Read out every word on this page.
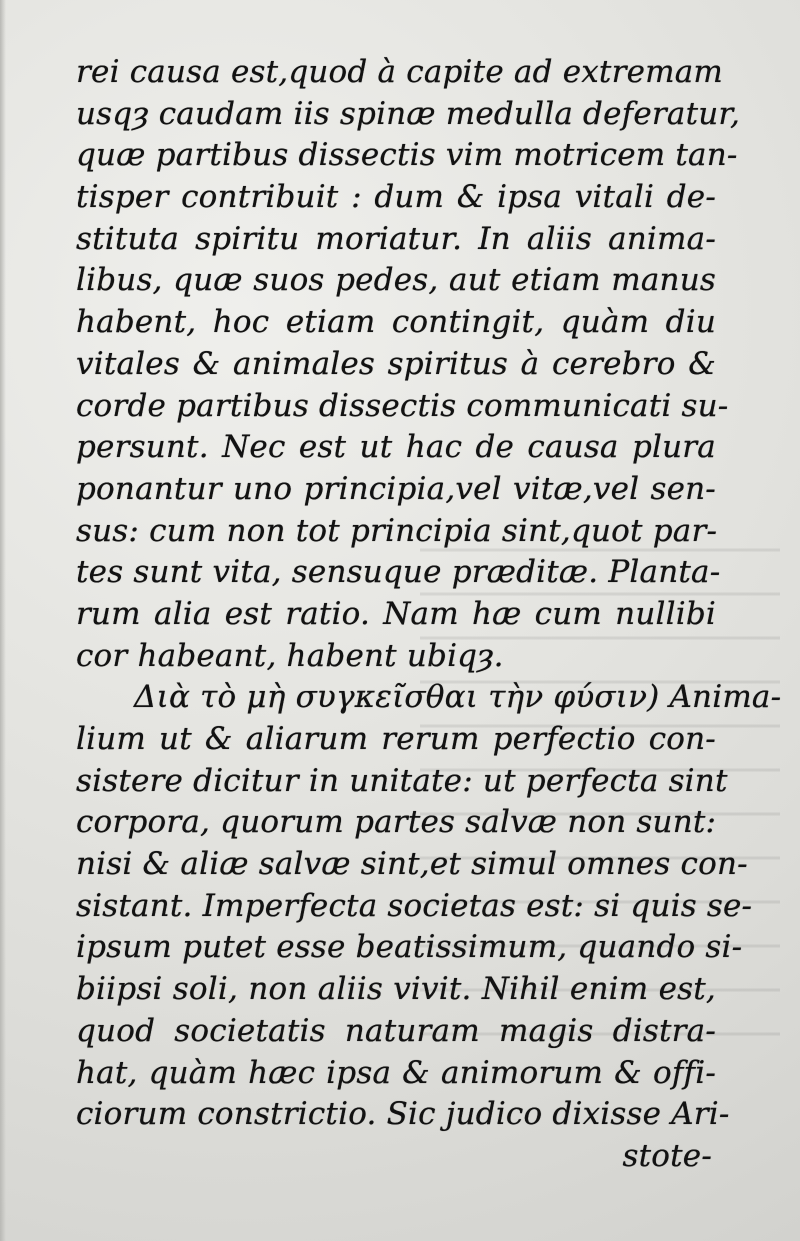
rei causa est,quod à capite ad extremam
usqȝ caudam iis spinæ medulla deferatur,
quæ partibus dissectis vim motricem tan-
tisper contribuit : dum & ipsa vitali de-
stituta spiritu moriatur. In aliis anima-
libus, quæ suos pedes, aut etiam manus
habent, hoc etiam contingit, quàm diu
vitales & animales spiritus à cerebro &
corde partibus dissectis communicati su-
persunt. Nec est ut hac de causa plura
ponantur uno principia,vel vitæ,vel sen-
sus: cum non tot principia sint,quot par-
tes sunt vita, sensuque præditæ. Planta-
rum alia est ratio. Nam hæ cum nullibi
cor habeant, habent ubiqȝ.
Διὰ τὸ μὴ συγκεῖσθαι τὴν φύσιν) Anima-
lium ut & aliarum rerum perfectio con-
sistere dicitur in unitate: ut perfecta sint
corpora, quorum partes salvæ non sunt:
nisi & aliæ salvæ sint,et simul omnes con-
sistant. Imperfecta societas est: si quis se-
ipsum putet esse beatissimum, quando si-
biipsi soli, non aliis vivit. Nihil enim est,
quod societatis naturam magis distra-
hat, quàm hæc ipsa & animorum & offi-
ciorum constrictio. Sic judico dixisse Ari-
stote-
